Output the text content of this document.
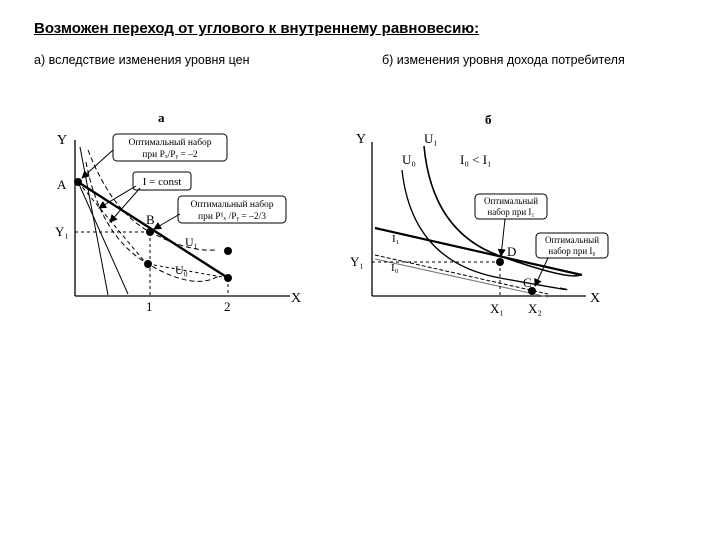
Возможен переход от углового к внутреннему равновесию:
а) вследствие изменения уровня цен	б) изменения уровня дохода потребителя
а
Y
X
A
B
Y₁
U₁
U₀
1	2
Оптимальный набор
при Pₓ/Pᵧ = –2
I = const
Оптимальный набор
при P¹ₓ /Pᵧ = –2/3
б
Y
X
U₁
U₀	I₀ < I₁
I₁
I₀
Y₁
D
C
X₁ X₂
Оптимальный
набор при I₁
Оптимальный
набор при I₀
